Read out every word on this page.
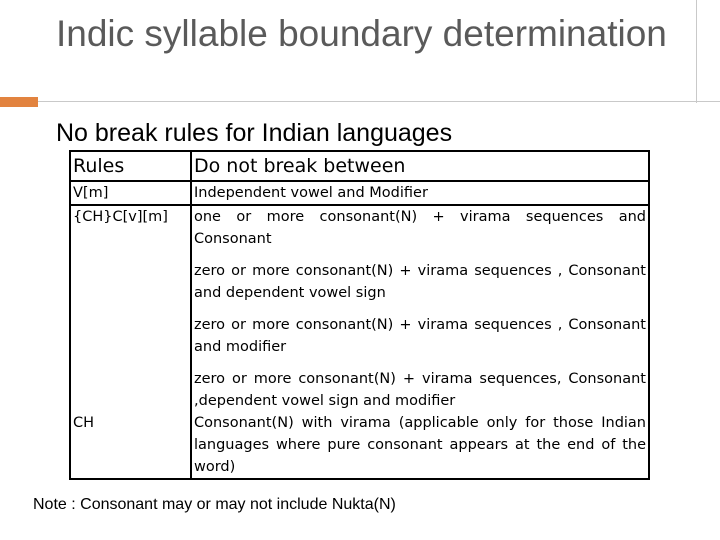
Indic syllable boundary determination
No break rules for Indian languages
Rules	Do not break between
V[m]	Independent vowel and Modifier

{CH}C[v][m]	one or more consonant(N) + virama sequences and Consonant

zero or more consonant(N) + virama sequences , Consonant and dependent vowel sign

zero or more consonant(N) + virama sequences , Consonant and modifier

zero or more consonant(N) + virama sequences, Consonant ,dependent vowel sign and modifier

CH	Consonant(N) with virama (applicable only for those Indian languages where pure consonant appears at the end of the word)

Note : Consonant may or may not include Nukta(N)
